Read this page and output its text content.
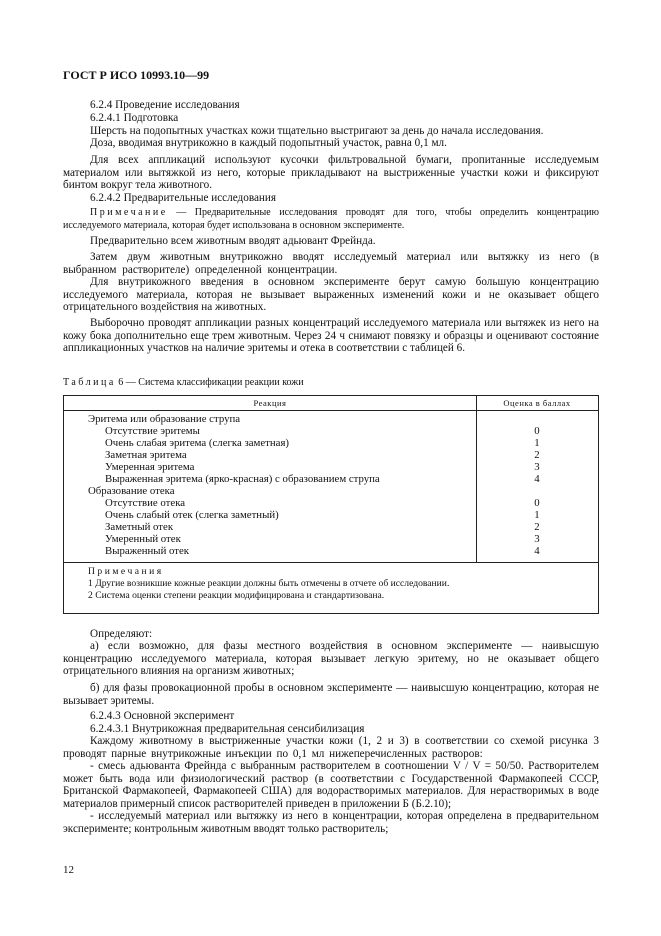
ГОСТ Р ИСО 10993.10—99

6.2.4 Проведение исследования

6.2.4.1 Подготовка

Шерсть на подопытных участках кожи тщательно выстригают за день до начала исследования.

Доза, вводимая внутрикожно в каждый подопытный участок, равна 0,1 мл.

Для всех аппликаций используют кусочки фильтровальной бумаги, пропитанные исследуемым материалом или вытяжкой из него, которые прикладывают на выстриженные участки кожи и фиксируют бинтом вокруг тела животного.

6.2.4.2 Предварительные исследования

Примечание — Предварительные исследования проводят для того, чтобы определить концентрацию исследуемого материала, которая будет использована в основном эксперименте.

Предварительно всем животным вводят адьювант Фрейнда.

Затем двум животным внутрикожно вводят исследуемый материал или вытяжку из него (в выбранном растворителе) определенной концентрации.

Для внутрикожного введения в основном эксперименте берут самую большую концентрацию исследуемого материала, которая не вызывает выраженных изменений кожи и не оказывает общего отрицательного воздействия на животных.

Выборочно проводят аппликации разных концентраций исследуемого материала или вытяжек из него на кожу бока дополнительно еще трем животным. Через 24 ч снимают повязку и образцы и оценивают состояние аппликационных участков на наличие эритемы и отека в соответствии с таблицей 6.

Таблица 6 — Система классификации реакции кожи

Реакция	Оценка в баллах
Эритема или образование струпа
Отсутствие эритемы	0
Очень слабая эритема (слегка заметная)	1
Заметная эритема	2
Умеренная эритема	3
Выраженная эритема (ярко-красная) с образованием струпа	4
Образование отека
Отсутствие отека	0
Очень слабый отек (слегка заметный)	1
Заметный отек	2
Умеренный отек	3
Выраженный отек	4
Примечания
1 Другие возникшие кожные реакции должны быть отмечены в отчете об исследовании.
2 Система оценки степени реакции модифицирована и стандартизована.

Определяют:

а) если возможно, для фазы местного воздействия в основном эксперименте — наивысшую концентрацию исследуемого материала, которая вызывает легкую эритему, но не оказывает общего отрицательного влияния на организм животных;

б) для фазы провокационной пробы в основном эксперименте — наивысшую концентрацию, которая не вызывает эритемы.

6.2.4.3 Основной эксперимент

6.2.4.3.1 Внутрикожная предварительная сенсибилизация

Каждому животному в выстриженные участки кожи (1, 2 и 3) в соответствии со схемой рисунка 3 проводят парные внутрикожные инъекции по 0,1 мл нижеперечисленных растворов:

- смесь адьюванта Фрейнда с выбранным растворителем в соотношении V / V = 50/50. Растворителем может быть вода или физиологический раствор (в соответствии с Государственной Фармакопеей СССР, Британской Фармакопеей, Фармакопеей США) для водорастворимых материалов. Для нерастворимых в воде материалов примерный список растворителей приведен в приложении Б (Б.2.10);

- исследуемый материал или вытяжку из него в концентрации, которая определена в предварительном эксперименте; контрольным животным вводят только растворитель;

12
